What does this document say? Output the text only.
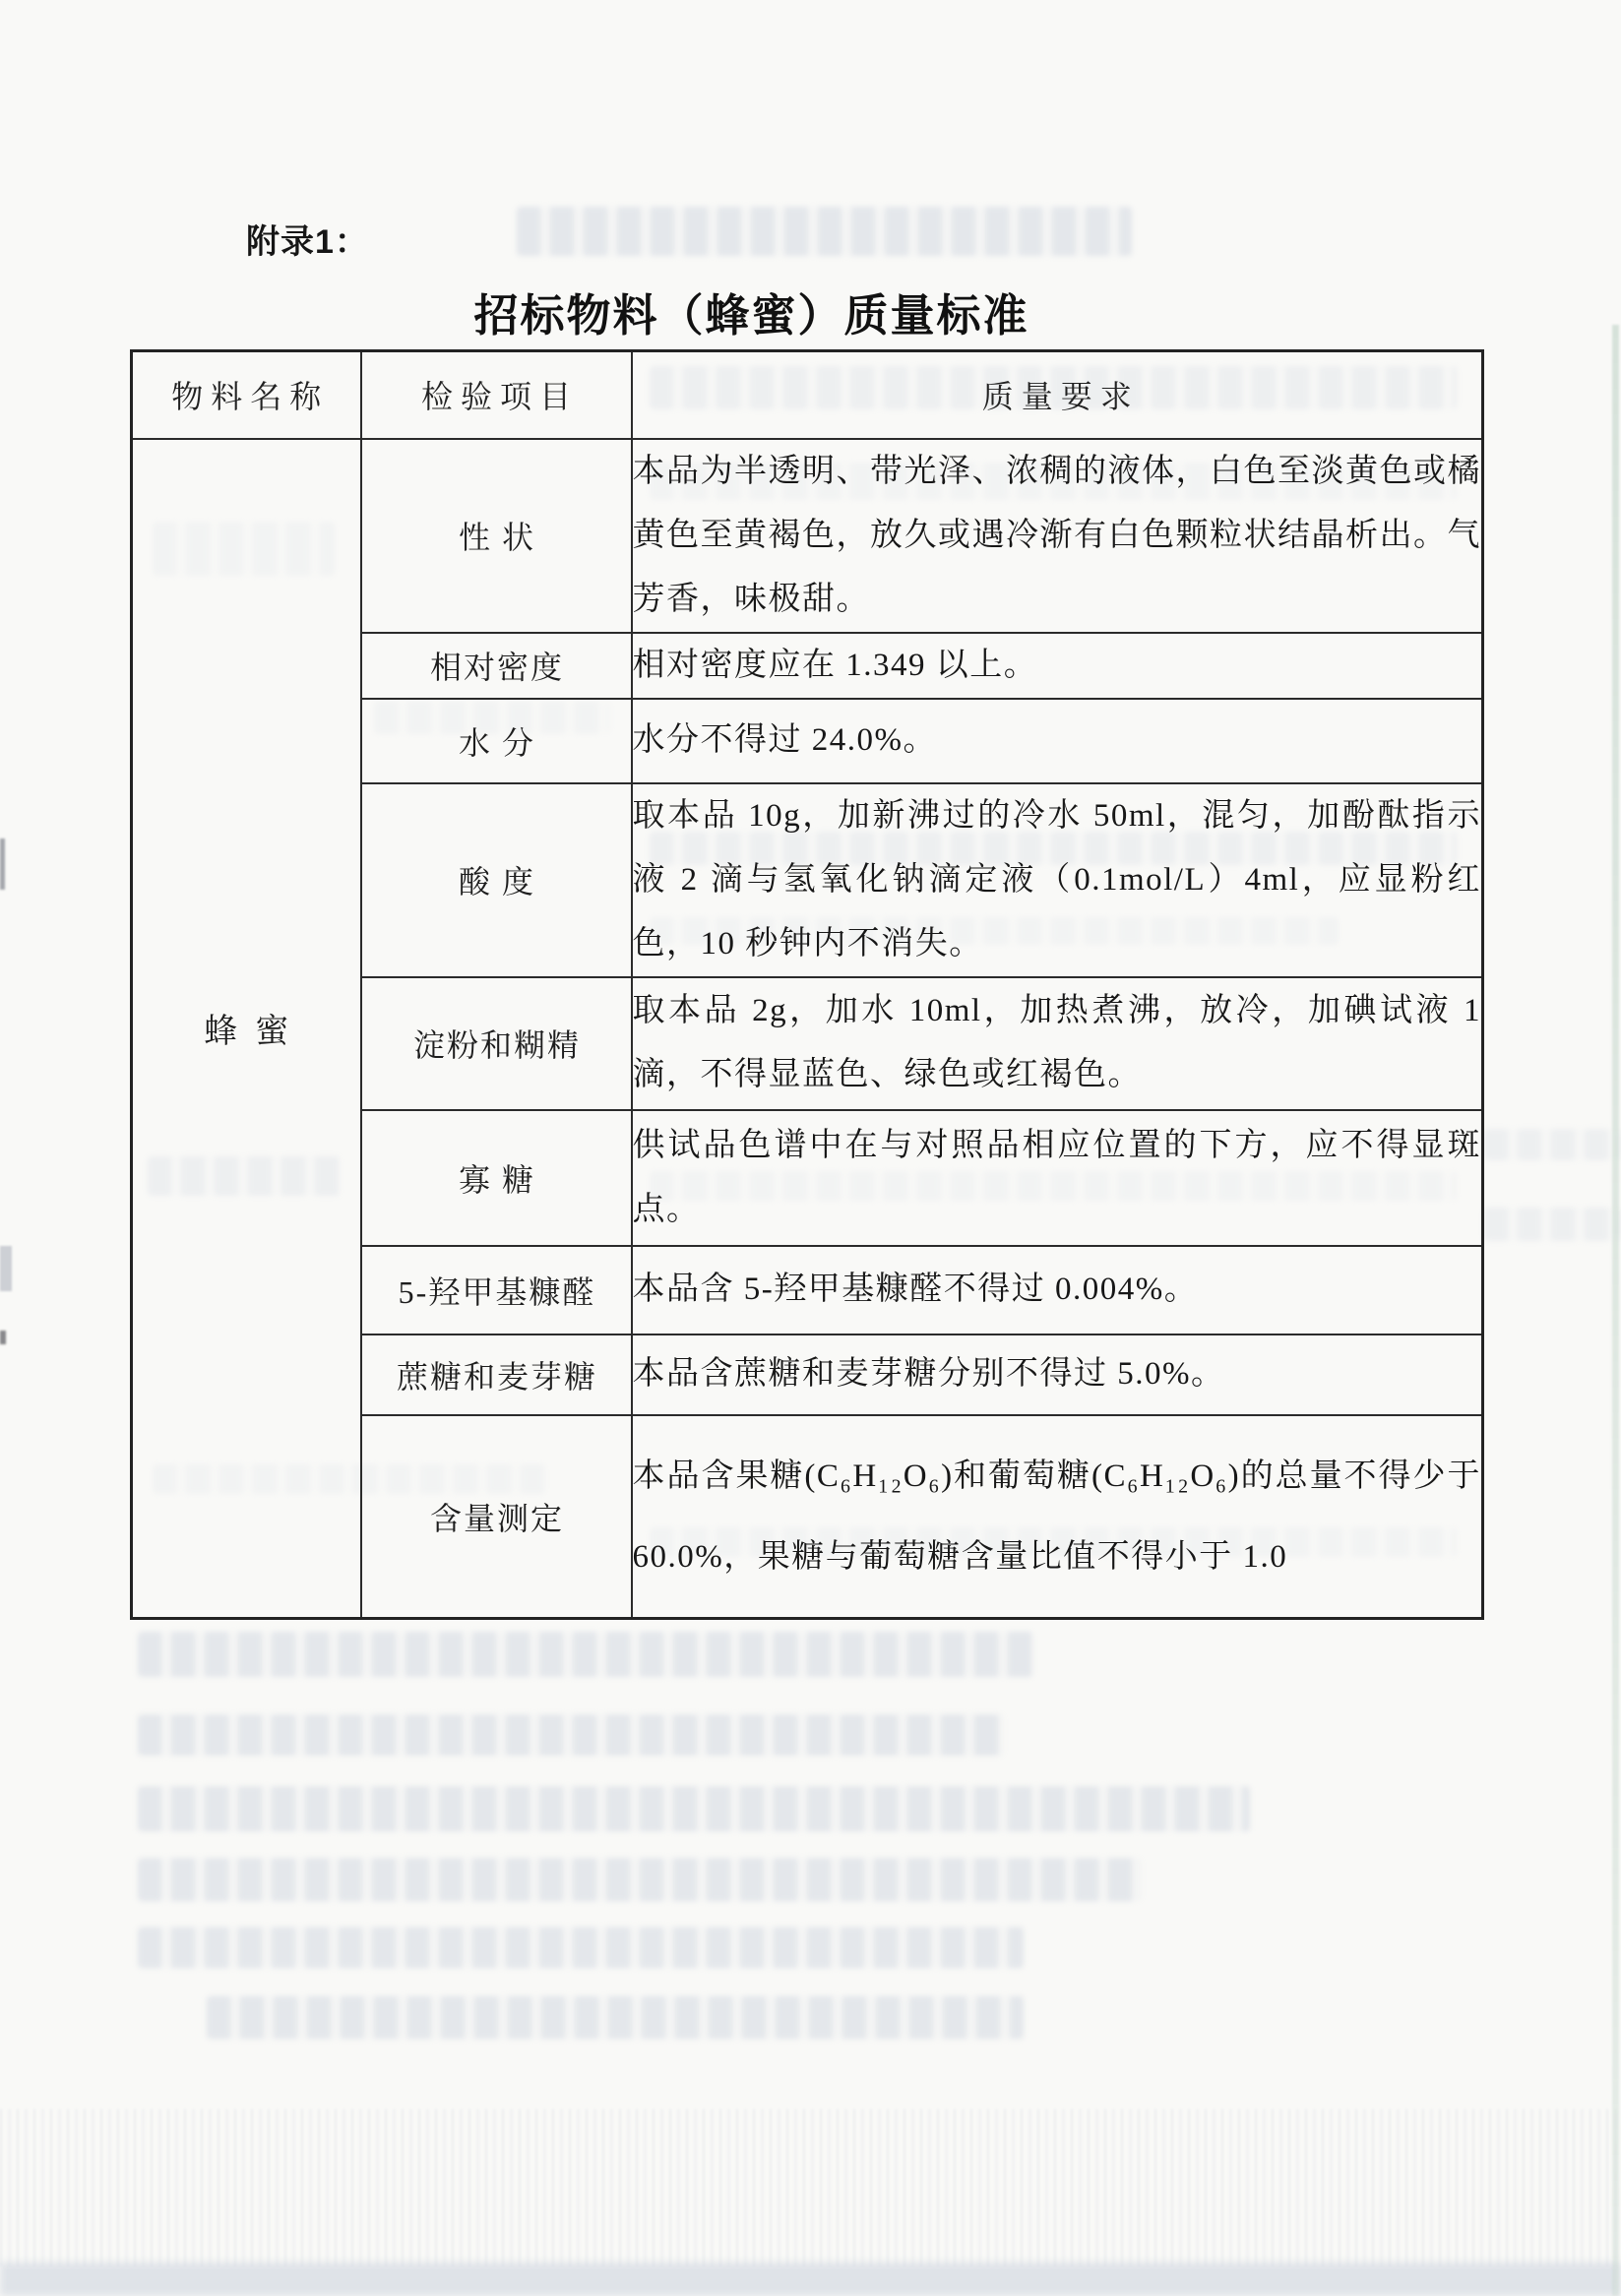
附录1：
招标物料（蜂蜜）质量标准
物料名称	检验项目	质量要求
蜂蜜	性状	本品为半透明、带光泽、浓稠的液体，白色至淡黄色或橘黄色至黄褐色，放久或遇冷渐有白色颗粒状结晶析出。气芳香，味极甜。
	相对密度	相对密度应在 1.349 以上。
	水分	水分不得过 24.0%。
	酸度	取本品 10g，加新沸过的冷水 50ml，混匀，加酚酞指示液 2 滴与氢氧化钠滴定液（0.1mol/L）4ml，应显粉红色，10 秒钟内不消失。
	淀粉和糊精	取本品 2g，加水 10ml，加热煮沸，放冷，加碘试液 1 滴，不得显蓝色、绿色或红褐色。
	寡糖	供试品色谱中在与对照品相应位置的下方，应不得显斑点。
	5-羟甲基糠醛	本品含 5-羟甲基糠醛不得过 0.004%。
	蔗糖和麦芽糖	本品含蔗糖和麦芽糖分别不得过 5.0%。
	含量测定	本品含果糖(C₆H₁₂O₆)和葡萄糖(C₆H₁₂O₆)的总量不得少于 60.0%，果糖与葡萄糖含量比值不得小于 1.0
